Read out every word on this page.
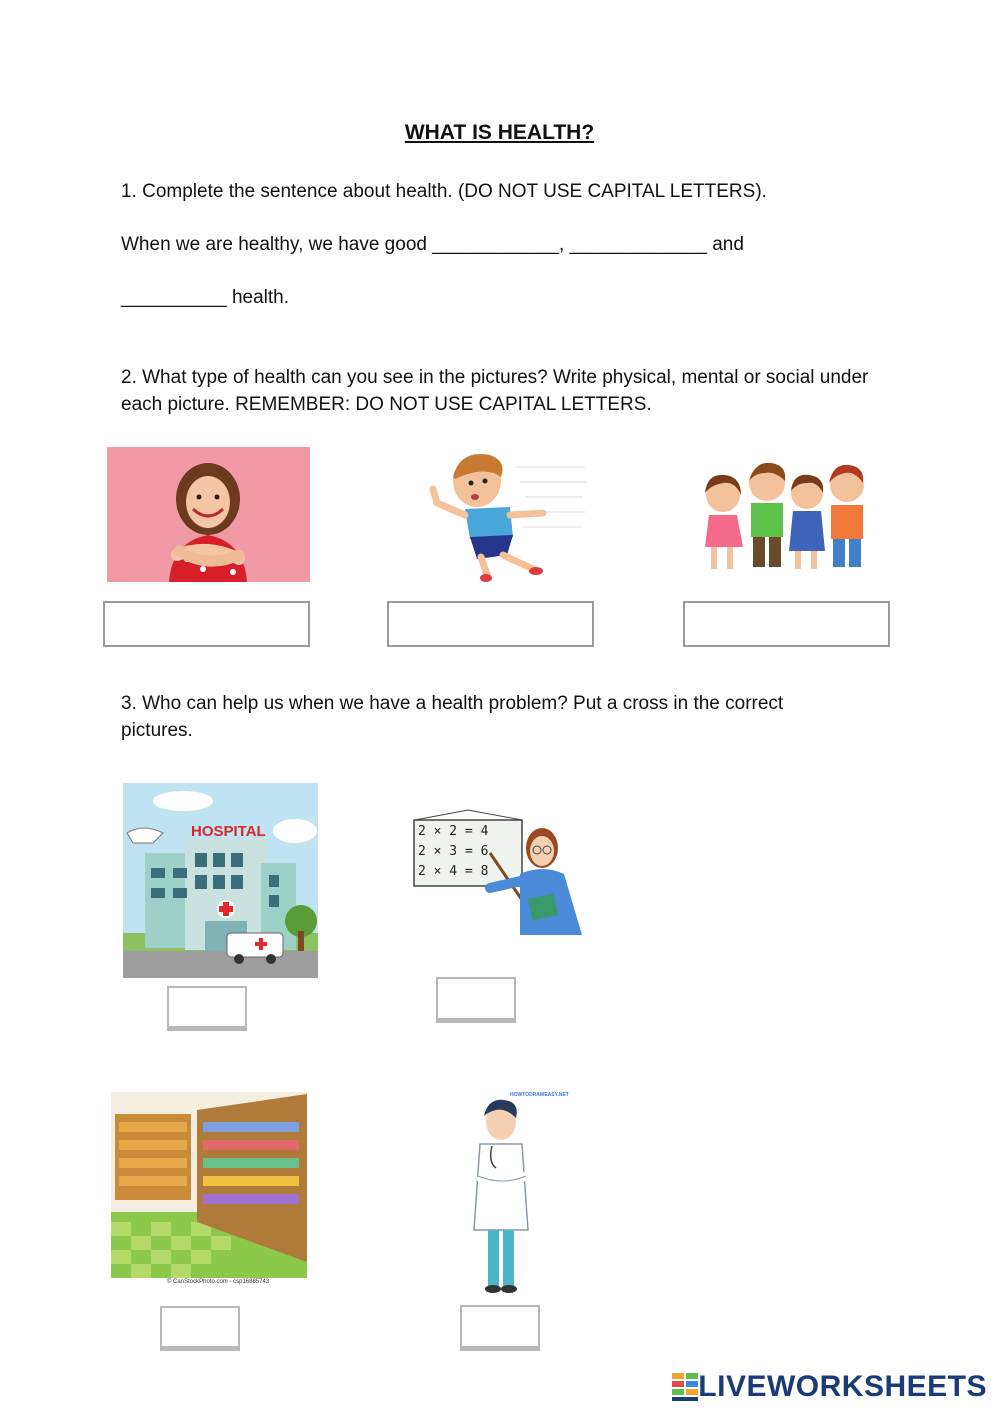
WHAT IS HEALTH?
1. Complete the sentence about health. (DO NOT USE CAPITAL LETTERS).
When we are healthy, we have good ____________, _____________ and
__________ health.
2. What type of health can you see in the pictures? Write physical, mental or social under each picture. REMEMBER: DO NOT USE CAPITAL LETTERS.
3. Who can help us when we have a health problem? Put a cross in the correct pictures.
HOSPITAL	2 × 2 = 4
2 × 3 = 6
2 × 4 = 8
© CanStockPhoto.com - csp16885743
HOWTODRAWEASY.NET
LIVEWORKSHEETS
